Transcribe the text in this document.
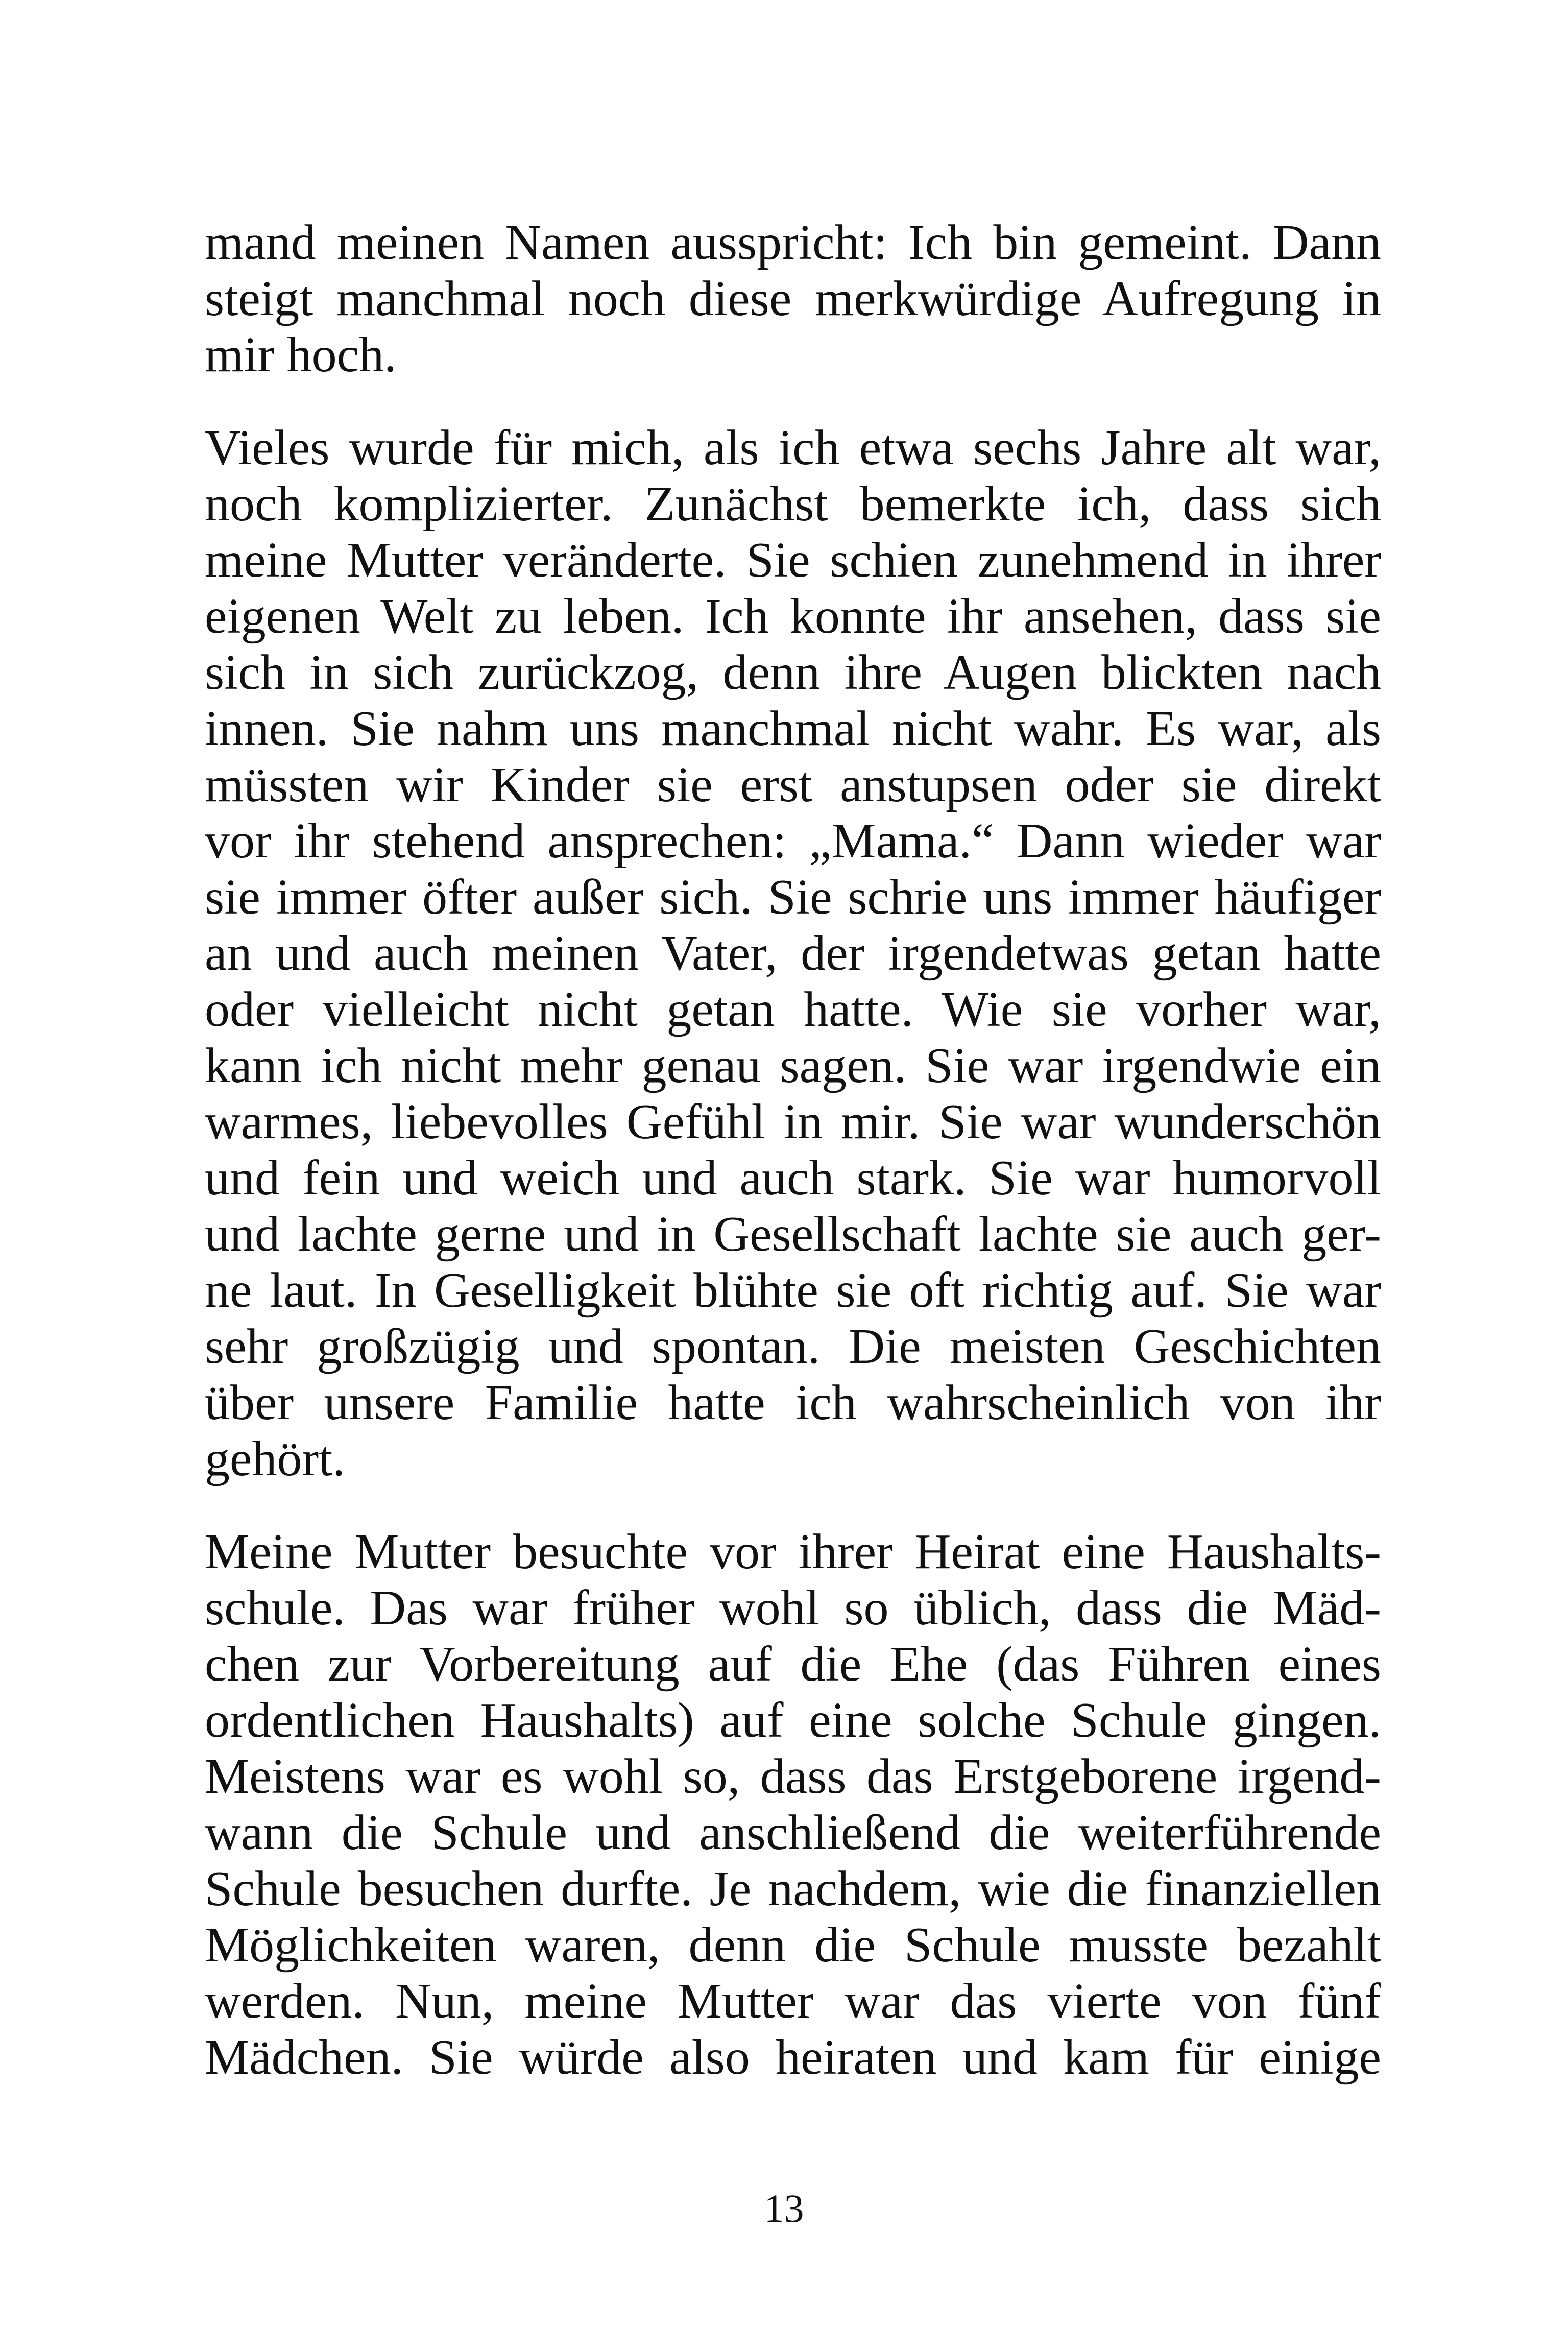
mand meinen Namen ausspricht: Ich bin gemeint. Dann
steigt manchmal noch diese merkwürdige Aufregung in
mir hoch.
Vieles wurde für mich, als ich etwa sechs Jahre alt war,
noch komplizierter. Zunächst bemerkte ich, dass sich
meine Mutter veränderte. Sie schien zunehmend in ihrer
eigenen Welt zu leben. Ich konnte ihr ansehen, dass sie
sich in sich zurückzog, denn ihre Augen blickten nach
innen. Sie nahm uns manchmal nicht wahr. Es war, als
müssten wir Kinder sie erst anstupsen oder sie direkt
vor ihr stehend ansprechen: „Mama.“ Dann wieder war
sie immer öfter außer sich. Sie schrie uns immer häufiger
an und auch meinen Vater, der irgendetwas getan hatte
oder vielleicht nicht getan hatte. Wie sie vorher war,
kann ich nicht mehr genau sagen. Sie war irgendwie ein
warmes, liebevolles Gefühl in mir. Sie war wunderschön
und fein und weich und auch stark. Sie war humorvoll
und lachte gerne und in Gesellschaft lachte sie auch ger-
ne laut. In Geselligkeit blühte sie oft richtig auf. Sie war
sehr großzügig und spontan. Die meisten Geschichten
über unsere Familie hatte ich wahrscheinlich von ihr
gehört.
Meine Mutter besuchte vor ihrer Heirat eine Haushalts-
schule. Das war früher wohl so üblich, dass die Mäd-
chen zur Vorbereitung auf die Ehe (das Führen eines
ordentlichen Haushalts) auf eine solche Schule gingen.
Meistens war es wohl so, dass das Erstgeborene irgend-
wann die Schule und anschließend die weiterführende
Schule besuchen durfte. Je nachdem, wie die finanziellen
Möglichkeiten waren, denn die Schule musste bezahlt
werden. Nun, meine Mutter war das vierte von fünf
Mädchen. Sie würde also heiraten und kam für einige
13
